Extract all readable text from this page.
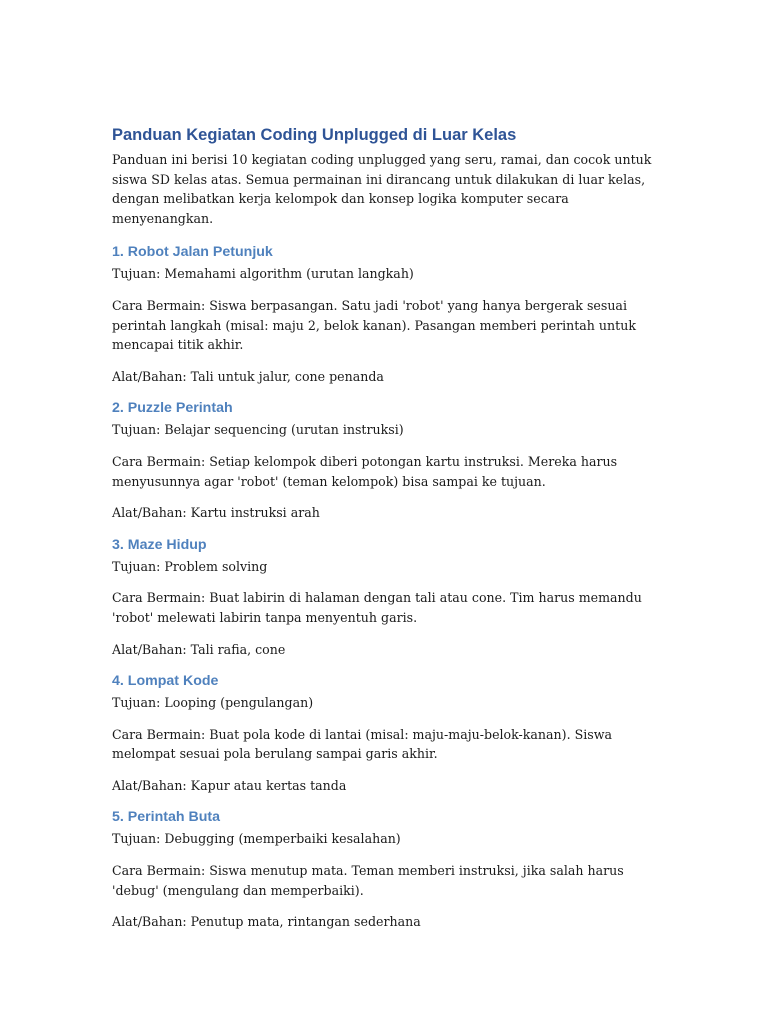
Panduan Kegiatan Coding Unplugged di Luar Kelas

Panduan ini berisi 10 kegiatan coding unplugged yang seru, ramai, dan cocok untuk siswa SD kelas atas. Semua permainan ini dirancang untuk dilakukan di luar kelas, dengan melibatkan kerja kelompok dan konsep logika komputer secara menyenangkan.

1. Robot Jalan Petunjuk

Tujuan: Memahami algorithm (urutan langkah)

Cara Bermain: Siswa berpasangan. Satu jadi 'robot' yang hanya bergerak sesuai perintah langkah (misal: maju 2, belok kanan). Pasangan memberi perintah untuk mencapai titik akhir.

Alat/Bahan: Tali untuk jalur, cone penanda

2. Puzzle Perintah

Tujuan: Belajar sequencing (urutan instruksi)

Cara Bermain: Setiap kelompok diberi potongan kartu instruksi. Mereka harus menyusunnya agar 'robot' (teman kelompok) bisa sampai ke tujuan.

Alat/Bahan: Kartu instruksi arah

3. Maze Hidup

Tujuan: Problem solving

Cara Bermain: Buat labirin di halaman dengan tali atau cone. Tim harus memandu 'robot' melewati labirin tanpa menyentuh garis.

Alat/Bahan: Tali rafia, cone

4. Lompat Kode

Tujuan: Looping (pengulangan)

Cara Bermain: Buat pola kode di lantai (misal: maju-maju-belok-kanan). Siswa melompat sesuai pola berulang sampai garis akhir.

Alat/Bahan: Kapur atau kertas tanda

5. Perintah Buta

Tujuan: Debugging (memperbaiki kesalahan)

Cara Bermain: Siswa menutup mata. Teman memberi instruksi, jika salah harus 'debug' (mengulang dan memperbaiki).

Alat/Bahan: Penutup mata, rintangan sederhana
